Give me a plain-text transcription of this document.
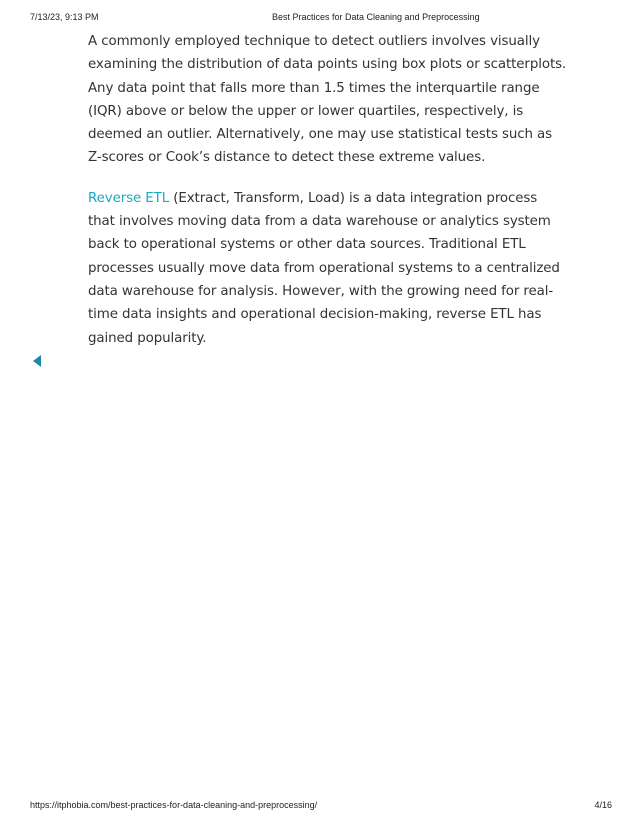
7/13/23, 9:13 PM	Best Practices for Data Cleaning and Preprocessing

A commonly employed technique to detect outliers involves visually examining the distribution of data points using box plots or scatterplots. Any data point that falls more than 1.5 times the interquartile range (IQR) above or below the upper or lower quartiles, respectively, is deemed an outlier. Alternatively, one may use statistical tests such as Z-scores or Cook’s distance to detect these extreme values.

Reverse ETL (Extract, Transform, Load) is a data integration process that involves moving data from a data warehouse or analytics system back to operational systems or other data sources. Traditional ETL processes usually move data from operational systems to a centralized data warehouse for analysis. However, with the growing need for real-time data insights and operational decision-making, reverse ETL has gained popularity.

https://itphobia.com/best-practices-for-data-cleaning-and-preprocessing/	4/16
